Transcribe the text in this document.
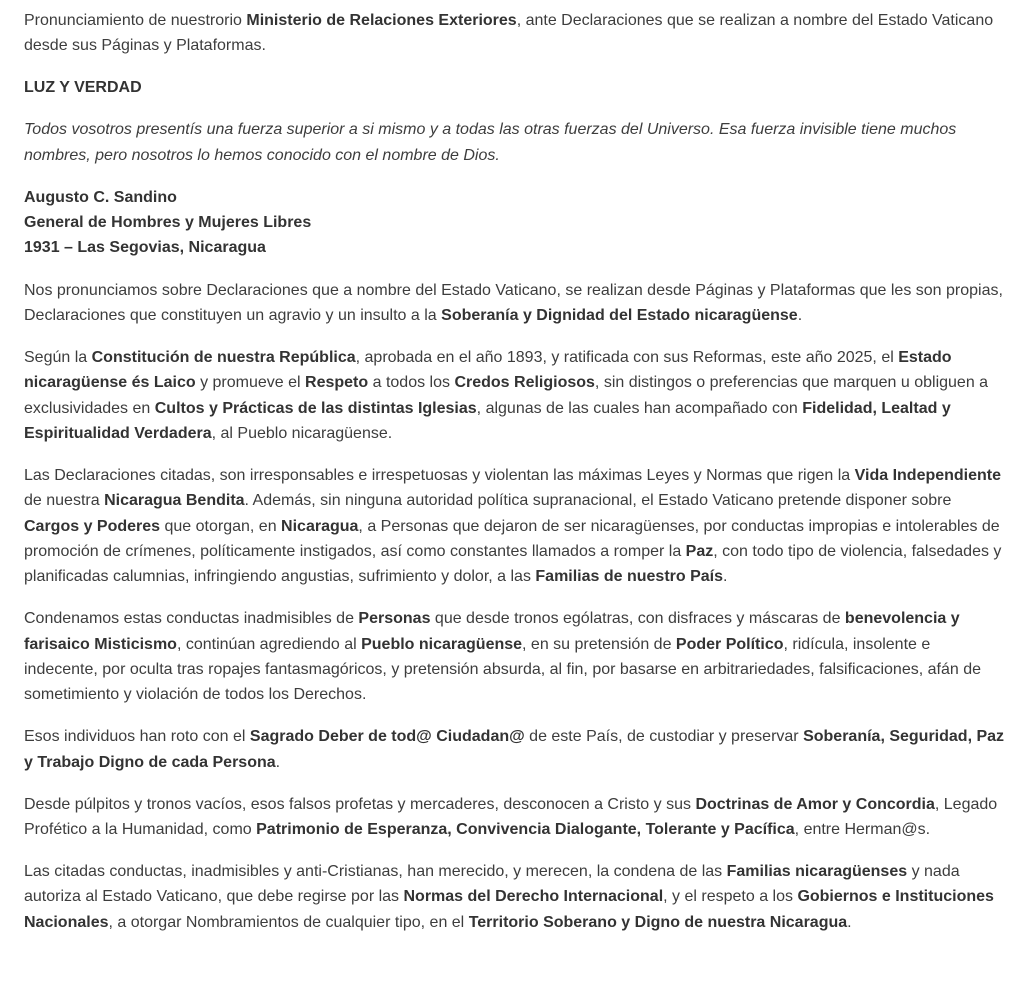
Pronunciamiento de nuestrorio Ministerio de Relaciones Exteriores, ante Declaraciones que se realizan a nombre del Estado Vaticano desde sus Páginas y Plataformas.

LUZ Y VERDAD

Todos vosotros presentís una fuerza superior a si mismo y a todas las otras fuerzas del Universo. Esa fuerza invisible tiene muchos nombres, pero nosotros lo hemos conocido con el nombre de Dios.

Augusto C. Sandino
General de Hombres y Mujeres Libres
1931 – Las Segovias, Nicaragua

Nos pronunciamos sobre Declaraciones que a nombre del Estado Vaticano, se realizan desde Páginas y Plataformas que les son propias, Declaraciones que constituyen un agravio y un insulto a la Soberanía y Dignidad del Estado nicaragüense.

Según la Constitución de nuestra República, aprobada en el año 1893, y ratificada con sus Reformas, este año 2025, el Estado nicaragüense és Laico y promueve el Respeto a todos los Credos Religiosos, sin distingos o preferencias que marquen u obliguen a exclusividades en Cultos y Prácticas de las distintas Iglesias, algunas de las cuales han acompañado con Fidelidad, Lealtad y Espiritualidad Verdadera, al Pueblo nicaragüense.

Las Declaraciones citadas, son irresponsables e irrespetuosas y violentan las máximas Leyes y Normas que rigen la Vida Independiente de nuestra Nicaragua Bendita. Además, sin ninguna autoridad política supranacional, el Estado Vaticano pretende disponer sobre Cargos y Poderes que otorgan, en Nicaragua, a Personas que dejaron de ser nicaragüenses, por conductas impropias e intolerables de promoción de crímenes, políticamente instigados, así como constantes llamados a romper la Paz, con todo tipo de violencia, falsedades y planificadas calumnias, infringiendo angustias, sufrimiento y dolor, a las Familias de nuestro País.

Condenamos estas conductas inadmisibles de Personas que desde tronos ególatras, con disfraces y máscaras de benevolencia y farisaico Misticismo, continúan agrediendo al Pueblo nicaragüense, en su pretensión de Poder Político, ridícula, insolente e indecente, por oculta tras ropajes fantasmagóricos, y pretensión absurda, al fin, por basarse en arbitrariedades, falsificaciones, afán de sometimiento y violación de todos los Derechos.

Esos individuos han roto con el Sagrado Deber de tod@ Ciudadan@ de este País, de custodiar y preservar Soberanía, Seguridad, Paz y Trabajo Digno de cada Persona.

Desde púlpitos y tronos vacíos, esos falsos profetas y mercaderes, desconocen a Cristo y sus Doctrinas de Amor y Concordia, Legado Profético a la Humanidad, como Patrimonio de Esperanza, Convivencia Dialogante, Tolerante y Pacífica, entre Herman@s.

Las citadas conductas, inadmisibles y anti-Cristianas, han merecido, y merecen, la condena de las Familias nicaragüenses y nada autoriza al Estado Vaticano, que debe regirse por las Normas del Derecho Internacional, y el respeto a los Gobiernos e Instituciones Nacionales, a otorgar Nombramientos de cualquier tipo, en el Territorio Soberano y Digno de nuestra Nicaragua.
